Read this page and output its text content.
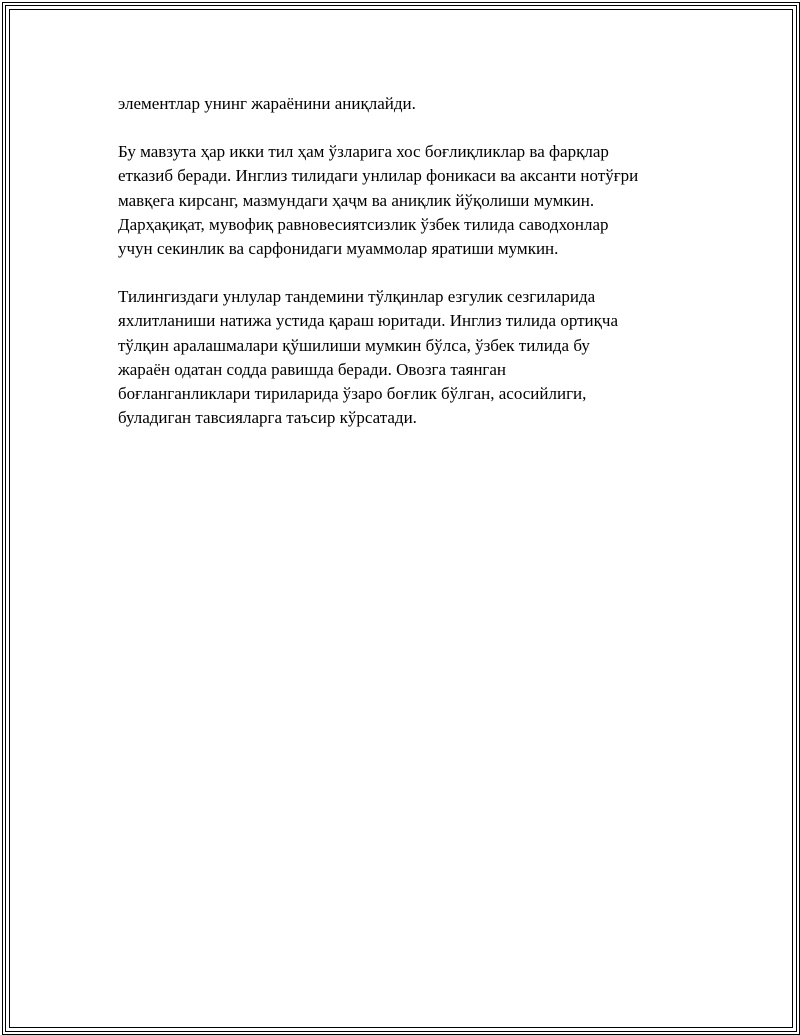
элементлар унинг жараёнини аниқлайди.

Бу мавзута ҳар икки тил ҳам ўзларига хос боғлиқликлар ва фарқлар
етказиб беради. Инглиз тилидаги унлилар фоникаси ва аксанти нотўғри
мавқега кирсанг, мазмундаги ҳаҷм ва аниқлик йўқолиши мумкин.
Дарҳақиқат, мувофиқ равновесиятсизлик ўзбек тилида саводхонлар
учун секинлик ва сарфонидаги муаммолар яратиши мумкин.

Тилингиздаги унлулар тандемини тўлқинлар езгулик сезгиларида
яхлитланиши натижа устида қараш юритади. Инглиз тилида ортиқча
тўлқин аралашмалари қўшилиши мумкин бўлса, ўзбек тилида бу
жараён одатан содда равишда беради. Овозга таянган
боғланганликлари тириларида ўзаро боғлик бўлган, асосийлиги,
буладиган тавсияларга таъсир кўрсатади.
